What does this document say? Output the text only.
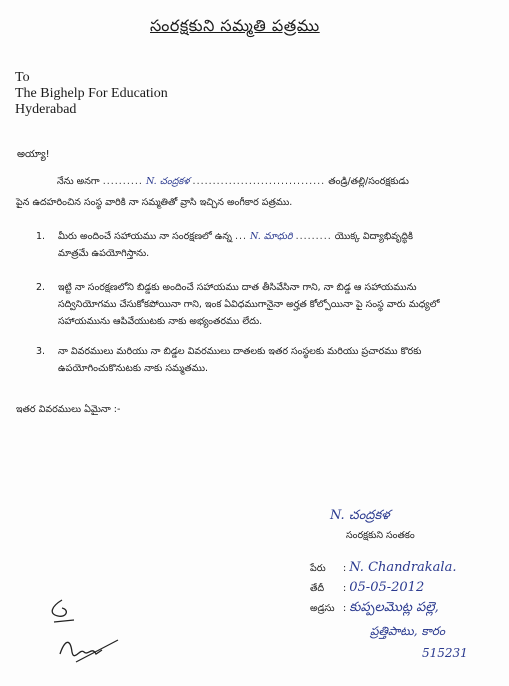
సంరక్షకుని సమ్మతి పత్రము
To
The Bighelp For Education
Hyderabad
అయ్యా!
నేను అనగా .......... N. చంద్రకళ ................................. తండ్రి/తల్లి/సంరక్షకుడు
పైన ఉదహరించిన సంస్థ వారికి నా సమ్మతితో వ్రాసి ఇచ్చిన అంగీకార పత్రము.
1. మీరు అందించే సహాయము నా సంరక్షణలో ఉన్న ... N. మాధురి ......... యొక్క విద్యాభివృద్ధికి
మాత్రమే ఉపయోగిస్తాను.
2. ఇట్టి నా సంరక్షణలోని బిడ్డకు అందించే సహాయము దాత తీసివేసినా గాని, నా బిడ్డ ఆ సహాయమును
సద్వినియోగము చేసుకోకపోయినా గాని, ఇంక ఏవిధముగానైనా అర్హత కోల్పోయినా పై సంస్థ వారు మధ్యలో
సహాయమును ఆపివేయుటకు నాకు అభ్యంతరము లేదు.
3. నా వివరములు మరియు నా బిడ్డల వివరములు దాతలకు ఇతర సంస్థలకు మరియు ప్రచారము కొరకు
ఉపయోగించుకొనుటకు నాకు సమ్మతము.
ఇతర వివరములు ఏమైనా :-
N. చంద్రకళ
సంరక్షకుని సంతకం
పేరు : N. Chandrakala.
తేదీ : 05-05-2012
అడ్రసు : కుప్పలమొట్ల పల్లె,
ప్రత్తిపాటు, కారం
515231
